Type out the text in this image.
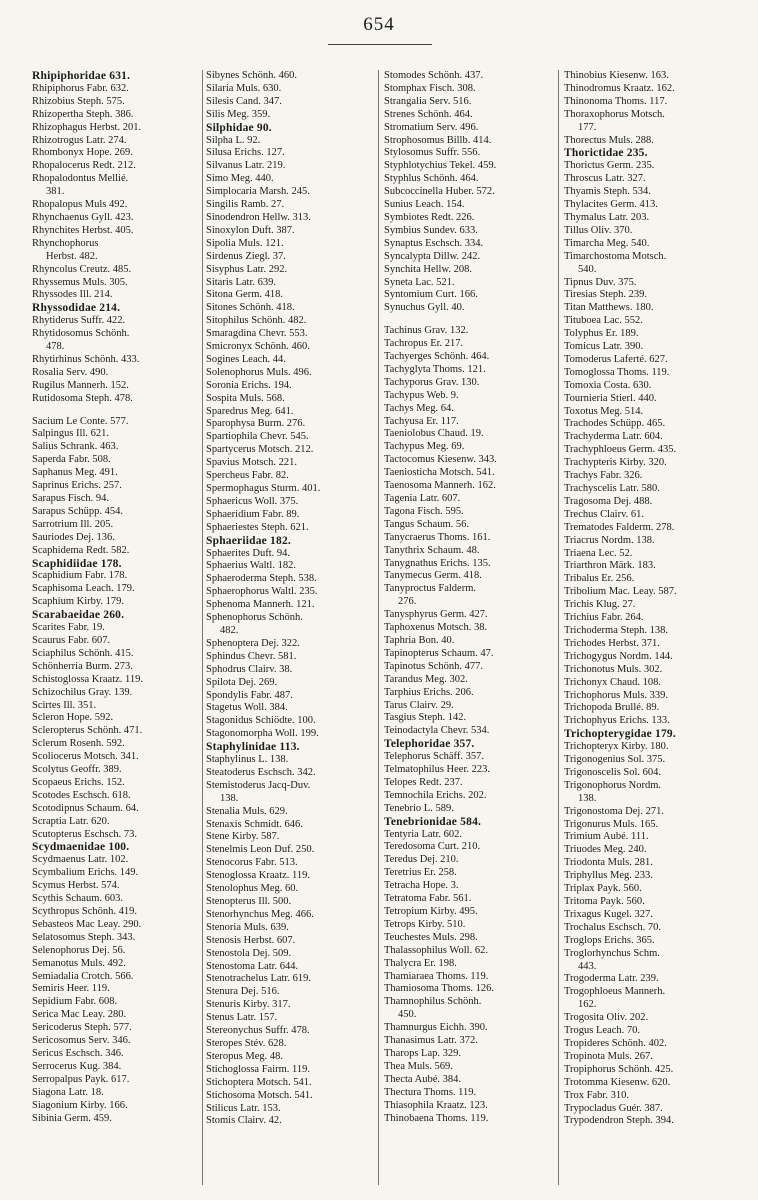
654
Rhipiphoridae 631.
Rhipiphorus Fabr. 632.
Rhizobius Steph. 575.
Rhizopertha Steph. 386.
Rhizophagus Herbst. 201.
Rhizotrogus Latr. 274.
Rhombonyx Hope. 269.
Rhopalocerus Redt. 212.
Rhopalodontus Mellié.
381.
Rhopalopus Muls 492.
Rhynchaenus Gyll. 423.
Rhynchites Herbst. 405.
Rhynchophorus
Herbst. 482.
Rhyncolus Creutz. 485.
Rhyssemus Muls. 305.
Rhyssodes Ill. 214.
Rhyssodidae 214.
Rhytiderus Suffr. 422.
Rhytidosomus Schönh.
478.
Rhytirhinus Schönh. 433.
Rosalia Serv. 490.
Rugilus Mannerh. 152.
Rutidosoma Steph. 478.
Sacium Le Conte. 577.
Salpingus Ill. 621.
Salius Schrank. 463.
Saperda Fabr. 508.
Saphanus Meg. 491.
Saprinus Erichs. 257.
Sarapus Fisch. 94.
Sarapus Schüpp. 454.
Sarrotrium Ill. 205.
Sauriodes Dej. 136.
Scaphidema Redt. 582.
Scaphidiidae 178.
Scaphidium Fabr. 178.
Scaphisoma Leach. 179.
Scaphium Kirby. 179.
Scarabaeidae 260.
Scarites Fabr. 19.
Scaurus Fabr. 607.
Sciaphilus Schönh. 415.
Schönherria Burm. 273.
Schistoglossa Kraatz. 119.
Schizochilus Gray. 139.
Scirtes Ill. 351.
Scleron Hope. 592.
Scleropterus Schönh. 471.
Sclerum Rosenh. 592.
Scoliocerus Motsch. 341.
Scolytus Geoffr. 389.
Scopaeus Erichs. 152.
Scotodes Eschsch. 618.
Scotodipnus Schaum. 64.
Scraptia Latr. 620.
Scutopterus Eschsch. 73.
Scydmaenidae 100.
Scydmaenus Latr. 102.
Scymbalium Erichs. 149.
Scymus Herbst. 574.
Scythis Schaum. 603.
Scythropus Schönh. 419.
Sebasteos Mac Leay. 290.
Selatosomus Steph. 343.
Selenophorus Dej. 56.
Semanotus Muls. 492.
Semiadalia Crotch. 566.
Semiris Heer. 119.
Sepidium Fabr. 608.
Serica Mac Leay. 280.
Sericoderus Steph. 577.
Sericosomus Serv. 346.
Sericus Eschsch. 346.
Serrocerus Kug. 384.
Serropalpus Payk. 617.
Siagona Latr. 18.
Siagonium Kirby. 166.
Sibinia Germ. 459.
Sibynes Schönh. 460.
Silaria Muls. 630.
Silesis Cand. 347.
Silis Meg. 359.
Silphidae 90.
Silpha L. 92.
Silusa Erichs. 127.
Silvanus Latr. 219.
Simo Meg. 440.
Simplocaria Marsh. 245.
Singilis Ramb. 27.
Sinodendron Hellw. 313.
Sinoxylon Duft. 387.
Sipolia Muls. 121.
Sirdenus Ziegl. 37.
Sisyphus Latr. 292.
Sitaris Latr. 639.
Sitona Germ. 418.
Sitones Schönh. 418.
Sitophilus Schönh. 482.
Smaragdina Chevr. 553.
Smicronyx Schönh. 460.
Sogines Leach. 44.
Solenophorus Muls. 496.
Soronia Erichs. 194.
Sospita Muls. 568.
Sparedrus Meg. 641.
Sparophysa Burm. 276.
Spartiophila Chevr. 545.
Spartycerus Motsch. 212.
Spavius Motsch. 221.
Spercheus Fabr. 82.
Spermophagus Sturm. 401.
Sphaericus Woll. 375.
Sphaeridium Fabr. 89.
Sphaeriestes Steph. 621.
Sphaeriidae 182.
Sphaerites Duft. 94.
Sphaerius Waltl. 182.
Sphaeroderma Steph. 538.
Sphaerophorus Waltl. 235.
Sphenoma Mannerh. 121.
Sphenophorus Schönh.
482.
Sphenoptera Dej. 322.
Sphindus Chevr. 581.
Sphodrus Clairv. 38.
Spilota Dej. 269.
Spondylis Fabr. 487.
Stagetus Woll. 384.
Stagonidus Schiödte. 100.
Stagonomorpha Woll. 199.
Staphylinidae 113.
Staphylinus L. 138.
Steatoderus Eschsch. 342.
Stemistoderus Jacq-Duv.
138.
Stenalia Muls. 629.
Stenaxis Schmidt. 646.
Stene Kirby. 587.
Stenelmis Leon Duf. 250.
Stenocorus Fabr. 513.
Stenoglossa Kraatz. 119.
Stenolophus Meg. 60.
Stenopterus Ill. 500.
Stenorhynchus Meg. 466.
Stenoria Muls. 639.
Stenosis Herbst. 607.
Stenostola Dej. 509.
Stenostoma Latr. 644.
Stenotrachelus Latr. 619.
Stenura Dej. 516.
Stenuris Kirby. 317.
Stenus Latr. 157.
Stereonychus Suffr. 478.
Steropes Stév. 628.
Steropus Meg. 48.
Stichoglossa Fairm. 119.
Stichoptera Motsch. 541.
Stichosoma Motsch. 541.
Stilicus Latr. 153.
Stomis Clairv. 42.
Stomodes Schönh. 437.
Stomphax Fisch. 308.
Strangalia Serv. 516.
Strenes Schönh. 464.
Stromatium Serv. 496.
Strophosomus Billb. 414.
Stylosomus Suffr. 556.
Styphlotychius Tekel. 459.
Styphlus Schönh. 464.
Subcoccinella Huber. 572.
Sunius Leach. 154.
Symbiotes Redt. 226.
Symbius Sundev. 633.
Synaptus Eschsch. 334.
Syncalypta Dillw. 242.
Synchita Hellw. 208.
Syneta Lac. 521.
Syntomium Curt. 166.
Synuchus Gyll. 40.
Tachinus Grav. 132.
Tachropus Er. 217.
Tachyerges Schönh. 464.
Tachyglyta Thoms. 121.
Tachyporus Grav. 130.
Tachypus Web. 9.
Tachys Meg. 64.
Tachyusa Er. 117.
Taeniolobus Chaud. 19.
Tachypus Meg. 69.
Tactocomus Kiesenw. 343.
Taeniosticha Motsch. 541.
Taenosoma Mannerh. 162.
Tagenia Latr. 607.
Tagona Fisch. 595.
Tangus Schaum. 56.
Tanycraerus Thoms. 161.
Tanythrix Schaum. 48.
Tanygnathus Erichs. 135.
Tanymecus Germ. 418.
Tanyproctus Falderm.
276.
Tanysphyrus Germ. 427.
Taphoxenus Motsch. 38.
Taphria Bon. 40.
Tapinopterus Schaum. 47.
Tapinotus Schönh. 477.
Tarandus Meg. 302.
Tarphius Erichs. 206.
Tarus Clairv. 29.
Tasgius Steph. 142.
Teinodactyla Chevr. 534.
Telephoridae 357.
Telephorus Schäff. 357.
Telmatophilus Heer. 223.
Telopes Redt. 237.
Temnochila Erichs. 202.
Tenebrio L. 589.
Tenebrionidae 584.
Tentyria Latr. 602.
Teredosoma Curt. 210.
Teredus Dej. 210.
Teretrius Er. 258.
Tetracha Hope. 3.
Tetratoma Fabr. 561.
Tetropium Kirby. 495.
Tetrops Kirby. 510.
Teuchestes Muls. 298.
Thalassophilus Woll. 62.
Thalycra Er. 198.
Thamiaraea Thoms. 119.
Thamiosoma Thoms. 126.
Thamnophilus Schönh.
450.
Thamnurgus Eichh. 390.
Thanasimus Latr. 372.
Tharops Lap. 329.
Thea Muls. 569.
Thecta Aubé. 384.
Thectura Thoms. 119.
Thiasophila Kraatz. 123.
Thinobaena Thoms. 119.
Thinobius Kiesenw. 163.
Thinodromus Kraatz. 162.
Thinonoma Thoms. 117.
Thoraxophorus Motsch.
177.
Thorectus Muls. 288.
Thorictidae 235.
Thorictus Germ. 235.
Throscus Latr. 327.
Thyamis Steph. 534.
Thylacites Germ. 413.
Thymalus Latr. 203.
Tillus Oliv. 370.
Timarcha Meg. 540.
Timarchostoma Motsch.
540.
Tipnus Duv. 375.
Tiresias Steph. 239.
Titan Matthews. 180.
Tituboea Lac. 552.
Tolyphus Er. 189.
Tomicus Latr. 390.
Tomoderus Laferté. 627.
Tomoglossa Thoms. 119.
Tomoxia Costa. 630.
Tournieria Stierl. 440.
Toxotus Meg. 514.
Trachodes Schüpp. 465.
Trachyderma Latr. 604.
Trachyphloeus Germ. 435.
Trachypteris Kirby. 320.
Trachys Fabr. 326.
Trachyscelis Latr. 580.
Tragosoma Dej. 488.
Trechus Clairv. 61.
Trematodes Falderm. 278.
Triacrus Nordm. 138.
Triaena Lec. 52.
Triarthron Märk. 183.
Tribalus Er. 256.
Tribolium Mac. Leay. 587.
Trichis Klug. 27.
Trichius Fabr. 264.
Trichoderma Steph. 138.
Trichodes Herbst. 371.
Trichogygus Nordm. 144.
Trichonotus Muls. 302.
Trichonyx Chaud. 108.
Trichophorus Muls. 339.
Trichopoda Brullé. 89.
Trichophyus Erichs. 133.
Trichopterygidae 179.
Trichopteryx Kirby. 180.
Trigonogenius Sol. 375.
Trigonoscelis Sol. 604.
Trigonophorus Nordm.
138.
Trigonostoma Dej. 271.
Trigonurus Muls. 165.
Trimium Aubé. 111.
Triuodes Meg. 240.
Triodonta Muls. 281.
Triphyllus Meg. 233.
Triplax Payk. 560.
Tritoma Payk. 560.
Trixagus Kugel. 327.
Trochalus Eschsch. 70.
Troglops Erichs. 365.
Troglorhynchus Schm.
443.
Trogoderma Latr. 239.
Trogophloeus Mannerh.
162.
Trogosita Oliv. 202.
Trogus Leach. 70.
Tropideres Schönh. 402.
Tropinota Muls. 267.
Tropiphorus Schönh. 425.
Trotomma Kiesenw. 620.
Trox Fabr. 310.
Trypocladus Guér. 387.
Trypodendron Steph. 394.
